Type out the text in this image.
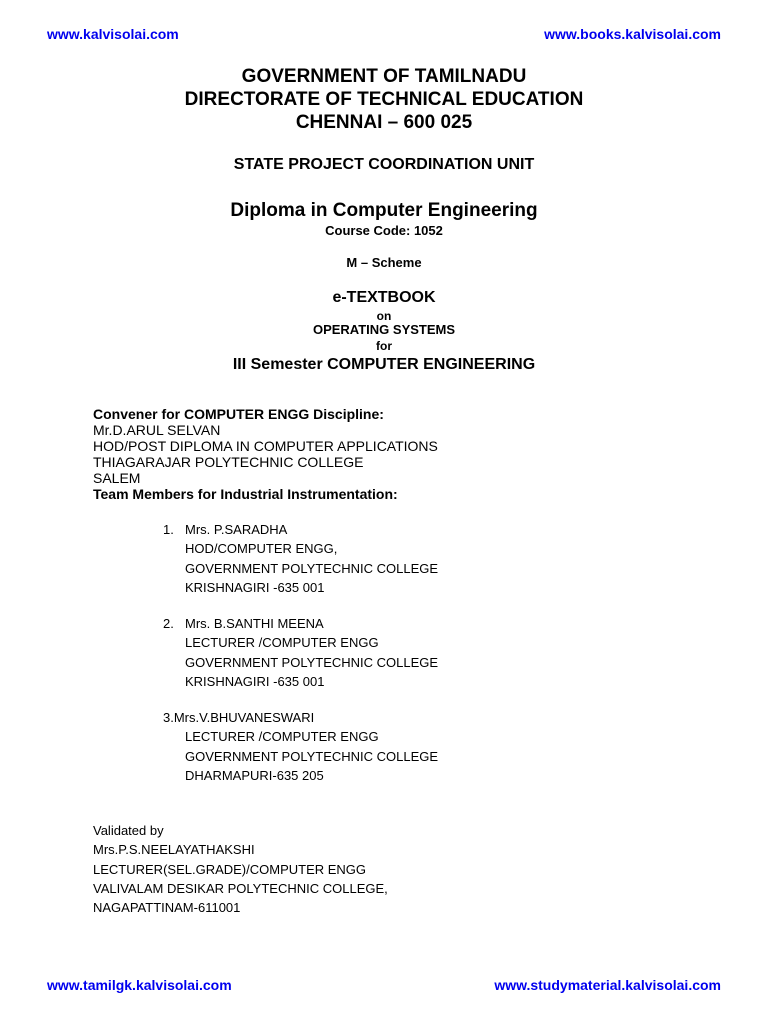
www.kalvisolai.com	www.books.kalvisolai.com
GOVERNMENT OF TAMILNADU
DIRECTORATE OF TECHNICAL EDUCATION
CHENNAI – 600 025
STATE PROJECT COORDINATION UNIT
Diploma in Computer Engineering
Course Code: 1052
M – Scheme
e-TEXTBOOK
on
OPERATING SYSTEMS
for
III Semester COMPUTER ENGINEERING
Convener for COMPUTER ENGG Discipline:
Mr.D.ARUL SELVAN
HOD/POST DIPLOMA IN COMPUTER APPLICATIONS
THIAGARAJAR POLYTECHNIC COLLEGE
SALEM
Team Members for Industrial Instrumentation:
1. Mrs. P.SARADHA
HOD/COMPUTER ENGG,
GOVERNMENT POLYTECHNIC COLLEGE
KRISHNAGIRI -635 001
2. Mrs. B.SANTHI MEENA
LECTURER /COMPUTER ENGG
GOVERNMENT POLYTECHNIC COLLEGE
KRISHNAGIRI -635 001
3.Mrs.V.BHUVANESWARI
LECTURER /COMPUTER ENGG
GOVERNMENT POLYTECHNIC COLLEGE
DHARMAPURI-635 205
Validated by
Mrs.P.S.NEELAYATHAKSHI
LECTURER(SEL.GRADE)/COMPUTER ENGG
VALIVALAM DESIKAR POLYTECHNIC COLLEGE,
NAGAPATTINAM-611001
www.tamilgk.kalvisolai.com	www.studymaterial.kalvisolai.com
